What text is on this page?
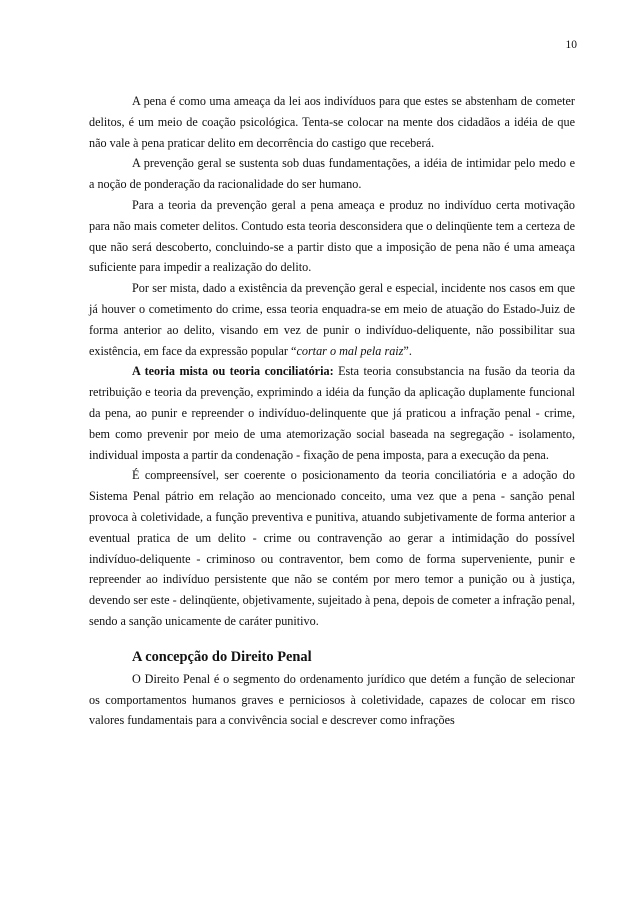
10

A pena é como uma ameaça da lei aos indivíduos para que estes se abstenham de cometer delitos, é um meio de coação psicológica. Tenta-se colocar na mente dos cidadãos a idéia de que não vale à pena praticar delito em decorrência do castigo que receberá.

A prevenção geral se sustenta sob duas fundamentações, a idéia de intimidar pelo medo e a noção de ponderação da racionalidade do ser humano.

Para a teoria da prevenção geral a pena ameaça e produz no indivíduo certa motivação para não mais cometer delitos. Contudo esta teoria desconsidera que o delinqüente tem a certeza de que não será descoberto, concluindo-se a partir disto que a imposição de pena não é uma ameaça suficiente para impedir a realização do delito.

Por ser mista, dado a existência da prevenção geral e especial, incidente nos casos em que já houver o cometimento do crime, essa teoria enquadra-se em meio de atuação do Estado-Juiz de forma anterior ao delito, visando em vez de punir o indivíduo-deliquente, não possibilitar sua existência, em face da expressão popular “cortar o mal pela raiz”.

A teoria mista ou teoria conciliatória: Esta teoria consubstancia na fusão da teoria da retribuição e teoria da prevenção, exprimindo a idéia da função da aplicação duplamente funcional da pena, ao punir e repreender o indivíduo-delinquente que já praticou a infração penal - crime, bem como prevenir por meio de uma atemorização social baseada na segregação - isolamento, individual imposta a partir da condenação - fixação de pena imposta, para a execução da pena.

É compreensível, ser coerente o posicionamento da teoria conciliatória e a adoção do Sistema Penal pátrio em relação ao mencionado conceito, uma vez que a pena - sanção penal provoca à coletividade, a função preventiva e punitiva, atuando subjetivamente de forma anterior a eventual pratica de um delito - crime ou contravenção ao gerar a intimidação do possível indivíduo-deliquente - criminoso ou contraventor, bem como de forma superveniente, punir e repreender ao indivíduo persistente que não se contém por mero temor a punição ou à justiça, devendo ser este - delinqüente, objetivamente, sujeitado à pena, depois de cometer a infração penal, sendo a sanção unicamente de caráter punitivo.

A concepção do Direito Penal

O Direito Penal é o segmento do ordenamento jurídico que detém a função de selecionar os comportamentos humanos graves e perniciosos à coletividade, capazes de colocar em risco valores fundamentais para a convivência social e descrever como infrações
